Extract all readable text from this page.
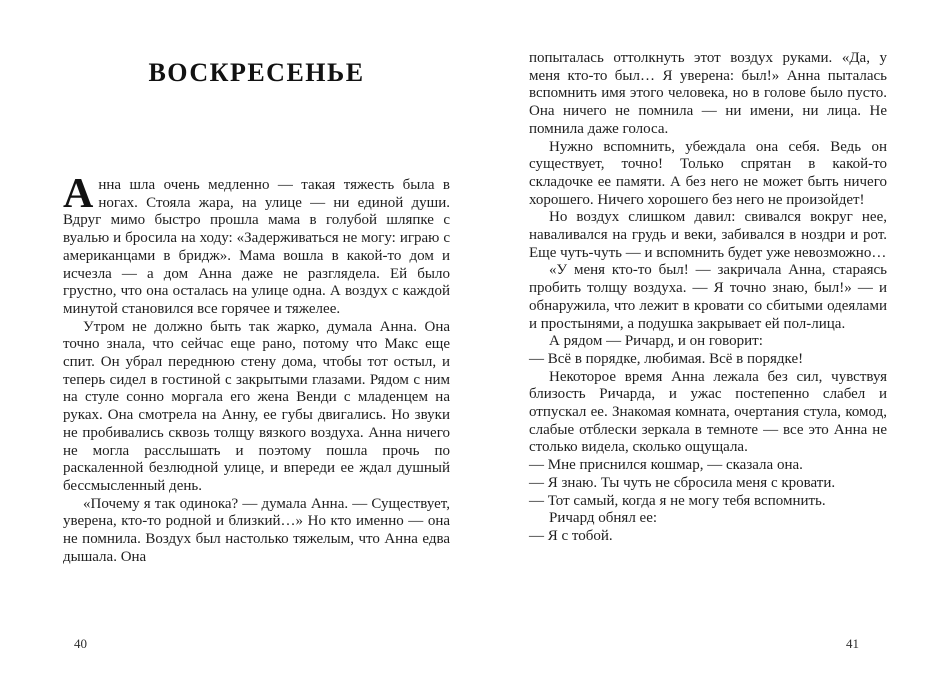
ВОСКРЕСЕНЬЕ

Анна шла очень медленно — такая тяжесть была в ногах. Стояла жара, на улице — ни единой души. Вдруг мимо быстро прошла мама в голубой шляпке с вуалью и бросила на ходу: «Задерживаться не могу: играю с американцами в бридж». Мама вошла в какой-то дом и исчезла — а дом Анна даже не разглядела. Ей было грустно, что она осталась на улице одна. А воздух с каждой минутой становился все горячее и тяжелее.

Утром не должно быть так жарко, думала Анна. Она точно знала, что сейчас еще рано, потому что Макс еще спит. Он убрал переднюю стену дома, чтобы тот остыл, и теперь сидел в гостиной с закрытыми глазами. Рядом с ним на стуле сонно моргала его жена Венди с младенцем на руках. Она смотрела на Анну, ее губы двигались. Но звуки не пробивались сквозь толщу вязкого воздуха. Анна ничего не могла расслышать и поэтому пошла прочь по раскаленной безлюдной улице, и впереди ее ждал душный бессмысленный день.

«Почему я так одинока? — думала Анна. — Существует, уверена, кто-то родной и близкий…» Но кто именно — она не помнила. Воздух был настолько тяжелым, что Анна едва дышала. Она

40

попыталась оттолкнуть этот воздух руками. «Да, у меня кто-то был… Я уверена: был!» Анна пыталась вспомнить имя этого человека, но в голове было пусто. Она ничего не помнила — ни имени, ни лица. Не помнила даже голоса.

Нужно вспомнить, убеждала она себя. Ведь он существует, точно! Только спрятан в какой-то складочке ее памяти. А без него не может быть ничего хорошего. Ничего хорошего без него не произойдет!

Но воздух слишком давил: свивался вокруг нее, наваливался на грудь и веки, забивался в ноздри и рот. Еще чуть-чуть — и вспомнить будет уже невозможно…

«У меня кто-то был! — закричала Анна, стараясь пробить толщу воздуха. — Я точно знаю, был!» — и обнаружила, что лежит в кровати со сбитыми одеялами и простынями, а подушка закрывает ей пол-лица.

А рядом — Ричард, и он говорит:

— Всё в порядке, любимая. Всё в порядке!

Некоторое время Анна лежала без сил, чувствуя близость Ричарда, и ужас постепенно слабел и отпускал ее. Знакомая комната, очертания стула, комод, слабые отблески зеркала в темноте — все это Анна не столько видела, сколько ощущала.

— Мне приснился кошмар, — сказала она.

— Я знаю. Ты чуть не сбросила меня с кровати.

— Тот самый, когда я не могу тебя вспомнить.

Ричард обнял ее:

— Я с тобой.

41
